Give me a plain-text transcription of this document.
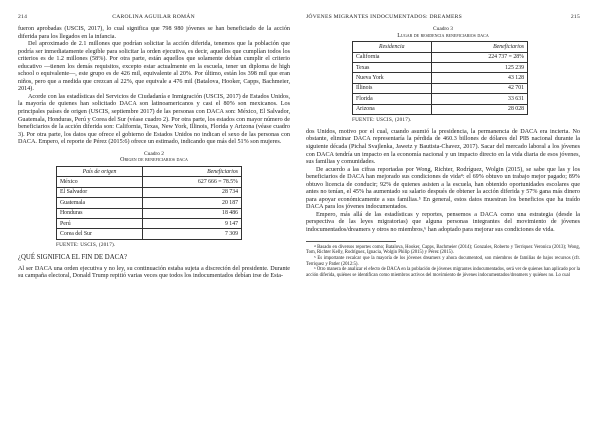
214	CAROLINA AGUILAR ROMÁN

fueron aprobadas (USCIS, 2017), lo cual significa que 798 980 jóvenes se han beneficiado de la acción diferida para los llegados en la infancia.

Del aproximado de 2.1 millones que podrían solicitar la acción diferida, tenemos que la población que podría ser inmediatamente elegible para solicitar la orden ejecutiva, es decir, aquellos que cumplían todos los criterios es de 1.2 millones (58%). Por otra parte, están aquellos que solamente debían cumplir el criterio educativo —tienen los demás requisitos, excepto estar actualmente en la escuela, tener un diploma de high school o equivalente—, este grupo es de 426 mil, equivalente al 20%. Por último, están los 398 mil que eran niños, pero que a medida que crezcan al 22%, que equivale a 476 mil (Batalova, Hooker, Capps, Bachmeier, 2014).

Acorde con las estadísticas del Servicios de Ciudadanía e Inmigración (USCIS, 2017) de Estados Unidos, la mayoría de quienes han solicitado DACA son latinoamericanos y casi el 80% son mexicanos. Los principales países de origen (USCIS, septiembre 2017) de las personas con DACA son: México, El Salvador, Guatemala, Honduras, Perú y Corea del Sur (véase cuadro 2). Por otra parte, los estados con mayor número de beneficiarios de la acción diferida son: California, Texas, New York, Illinois, Florida y Arizona (véase cuadro 3). Por otra parte, los datos que ofrece el gobierno de Estados Unidos no indican el sexo de las personas con DACA. Empero, el reporte de Pérez (2015:6) ofrece un estimado, indicando que más del 51% son mujeres.

Cuadro 2

Origen de beneficiarios daca

País de origen	Beneficiarios
México	627 666 = 78.5%
El Salvador	28 734
Guatemala	20 187
Honduras	18 486
Perú	9 147
Corea del Sur	7 309
FUENTE: USCIS, (2017).
¿QUÉ SIGNIFICA EL FIN DE DACA?

Al ser DACA una orden ejecutiva y no ley, su continuación estaba sujeta a discreción del presidente. Durante su campaña electoral, Donald Trump repitió varias veces que todos los indocumentados debían irse de Esta-

JÓVENES MIGRANTES INDOCUMENTADOS: DREAMERS	215

Cuadro 3

Lugar de residencia beneficiarios daca

Residencia	Beneficiarios
California	224 737 = 28%
Texas	125 239
Nueva York	43 128
Illinois	42 701
Florida	33 631
Arizona	28 028
FUENTE: USCIS, (2017).

dos Unidos, motivo por el cual, cuando asumió la presidencia, la permanencia de DACA era incierta. No obstante, eliminar DACA representaría la pérdida de 460.3 billones de dólares del PIB nacional durante la siguiente década (Pichal Svajlenka, Jawetz y Bautista-Chavez, 2017). Sacar del mercado laboral a los jóvenes con DACA tendría un impacto en la economía nacional y un impacto directo en la vida diaria de esos jóvenes, sus familias y comunidades.

De acuerdo a las cifras reportadas por Wong, Richter, Rodríguez, Wolgin (2015), se sabe que las y los beneficiarios de DACA han mejorado sus condiciones de vida⁴: el 69% obtuvo un trabajo mejor pagado; 89% obtuvo licencia de conducir; 92% de quienes asisten a la escuela, han obtenido oportunidades escolares que antes no tenían, el 45% ha aumentado su salario después de obtener la acción diferida y 57% gana más dinero para apoyar económicamente a sus familias.⁵ En general, estos datos muestran los beneficios que ha traído DACA para los jóvenes indocumentados.

Empero, más allá de las estadísticas y reportes, pensemos a DACA como una estrategia (desde la perspectiva de las leyes migratorias) que alguna personas integrantes del movimiento de jóvenes indocumentados/dreamers y otros no miembros,⁶ han adoptado para mejorar sus condiciones de vida.

⁴ Basado en diversos reportes como; Batalova, Hooker, Capps, Bachmeier (2014); Gonzales, Roberto y Terriquez Veronica (2013); Wong, Tom, Richter Kelly, Rodríguez, Ignacia, Wolgin Philip (2015) y Pérez (2015).

⁵ Es importante recalcar que la mayoría de los jóvenes dreamers y ahora documentod, son miembros de familias de bajos recursos (cfr. Terriquez y Patler (2012:5).

⁶ Otro manera de analizar el efecto de DACA en la población de jóvenes migrantes indocumentados, será ver de quienes han aplicado por la acción diferida, quiénes se identifican como miembros activos del movimiento de jóvenes indocumentados/dreamers y quiénes no. Lo cual
